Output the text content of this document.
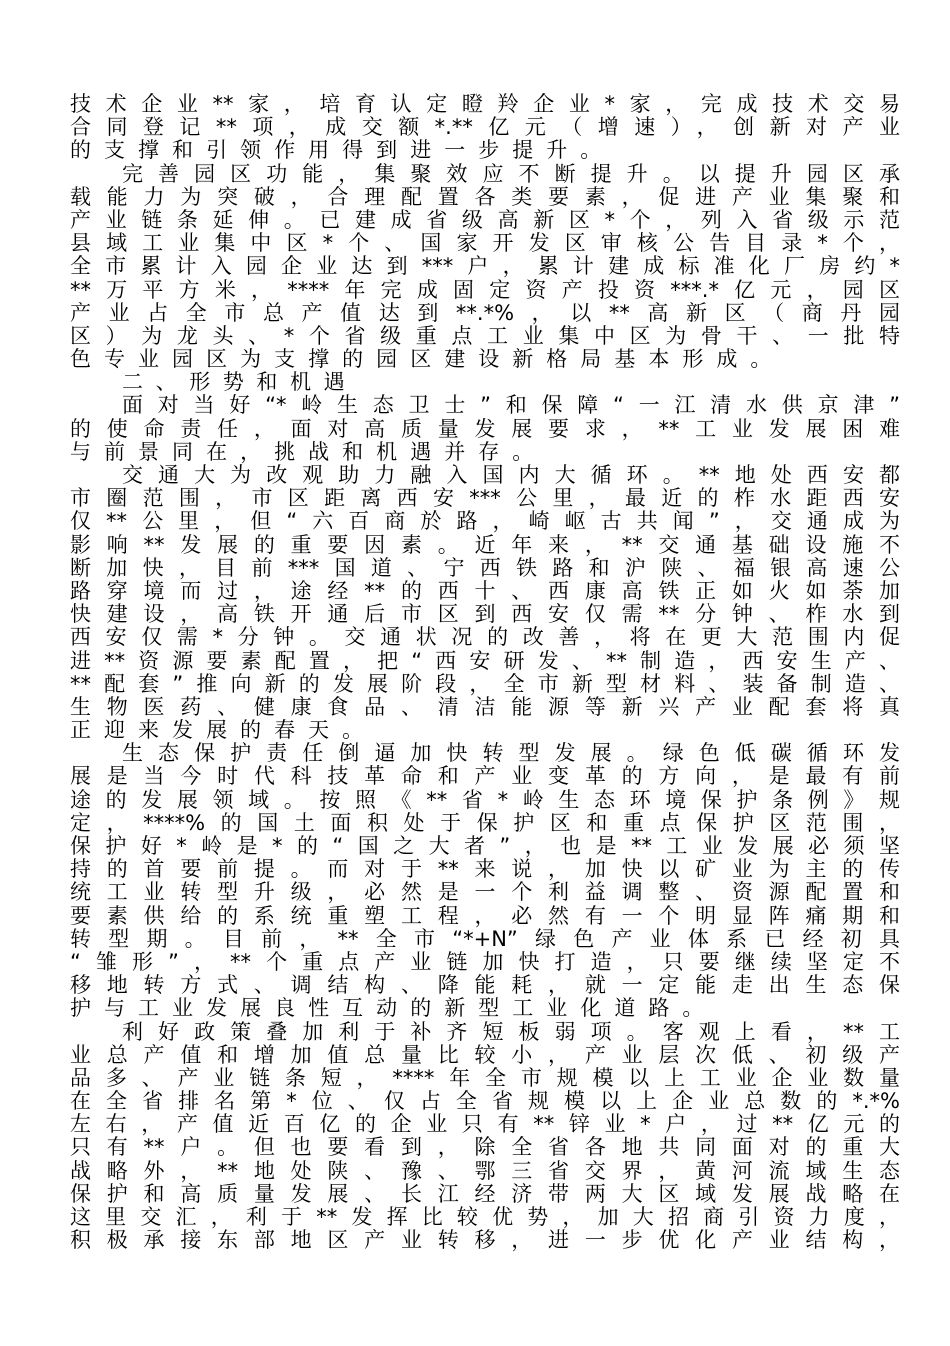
技术企业**家，培育认定瞪羚企业*家，完成技术交易
合同登记**项，成交额*.**亿元（增速），创新对产业
的支撑和引领作用得到进一步提升。
完善园区功能，集聚效应不断提升。以提升园区承
载能力为突破，合理配置各类要素，促进产业集聚和
产业链条延伸。已建成省级高新区*个，列入省级示范
县域工业集中区*个、国家开发区审核公告目录*个，
全市累计入园企业达到***户，累计建成标准化厂房约*
**万平方米，****年完成固定资产投资***.*亿元，园区
产业占全市总产值达到**.*%，以**高新区（商丹园
区）为龙头、*个省级重点工业集中区为骨干、一批特
色专业园区为支撑的园区建设新格局基本形成。
二、形势和机遇
面对当好“*岭生态卫士”和保障“一江清水供京津”
的使命责任，面对高质量发展要求，**工业发展困难
与前景同在，挑战和机遇并存。
交通大为改观助力融入国内大循环。**地处西安都
市圈范围，市区距离西安***公里，最近的柞水距西安
仅**公里，但“六百商於路，崎岖古共闻”，交通成为
影响**发展的重要因素。近年来，**交通基础设施不
断加快，目前***国道、宁西铁路和沪陕、福银高速公
路穿境而过，途经**的西十、西康高铁正如火如荼加
快建设，高铁开通后市区到西安仅需**分钟、柞水到
西安仅需*分钟。交通状况的改善，将在更大范围内促
进**资源要素配置，把“西安研发、**制造，西安生产、
**配套”推向新的发展阶段，全市新型材料、装备制造、
生物医药、健康食品、清洁能源等新兴产业配套将真
正迎来发展的春天。
生态保护责任倒逼加快转型发展。绿色低碳循环发
展是当今时代科技革命和产业变革的方向，是最有前
途的发展领域。按照《**省*岭生态环境保护条例》规
定，****%的国土面积处于保护区和重点保护区范围，
保护好*岭是*的“国之大者”，也是**工业发展必须坚
持的首要前提。而对于**来说，加快以矿业为主的传
统工业转型升级，必然是一个利益调整、资源配置和
要素供给的系统重塑工程，必然有一个明显阵痛期和
转型期。目前，**全市“*+N”绿色产业体系已经初具
“雏形”，**个重点产业链加快打造，只要继续坚定不
移地转方式、调结构、降能耗，就一定能走出生态保
护与工业发展良性互动的新型工业化道路。
利好政策叠加利于补齐短板弱项。客观上看，**工
业总产值和增加值总量比较小，产业层次低、初级产
品多、产业链条短，****年全市规模以上工业企业数量
在全省排名第*位、仅占全省规模以上企业总数的*.*%
左右，产值近百亿的企业只有**锌业*户，过**亿元的
只有**户。但也要看到，除全省各地共同面对的重大
战略外，**地处陕、豫、鄂三省交界，黄河流域生态
保护和高质量发展、长江经济带两大区域发展战略在
这里交汇，利于**发挥比较优势，加大招商引资力度，
积极承接东部地区产业转移，进一步优化产业结构，
